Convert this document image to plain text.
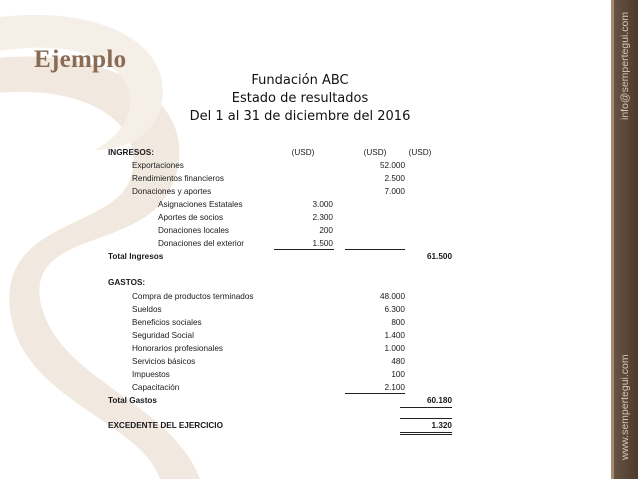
Ejemplo
Fundación ABC
Estado de resultados
Del 1 al 31 de diciembre del 2016	info@sempertegui.com
www.sempertegui.com
INGRESOS:	(USD)	(USD)	(USD)
Exportaciones	52.000
Rendimientos financieros	2.500
Donaciones y aportes	7.000
Asignaciones Estatales	3.000
Aportes de socios	2.300
Donaciones locales	200
Donaciones del exterior	1.500
Total Ingresos	61.500
GASTOS:
Compra de productos terminados	48.000
Sueldos	6.300
Beneficios sociales	800
Seguridad Social	1.400
Honorarios profesionales	1.000
Servicios básicos	480
Impuestos	100
Capacitación	2.100
Total Gastos	60.180
EXCEDENTE DEL EJERCICIO	1.320
